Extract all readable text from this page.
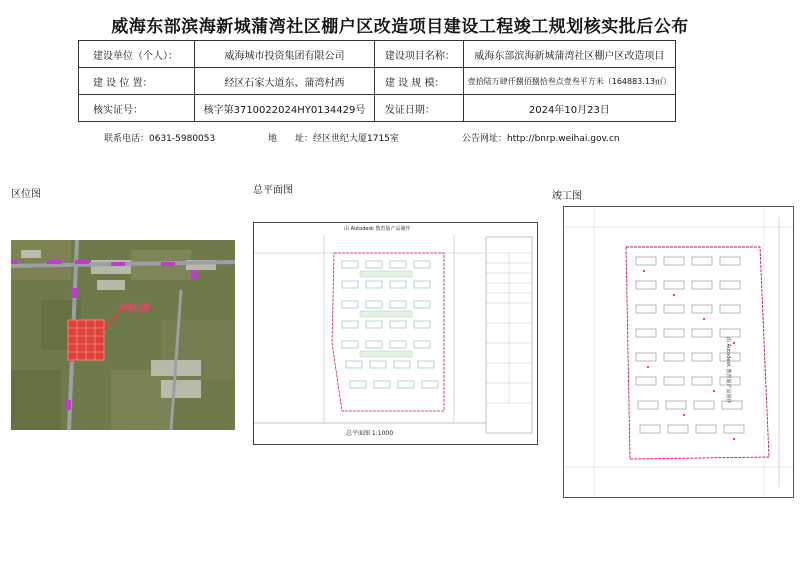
威海东部滨海新城蒲湾社区棚户区改造项目建设工程竣工规划核实批后公布
建设单位（个人）：	威海城市投资集团有限公司	建设项目名称：	威海东部滨海新城蒲湾社区棚户区改造项目
建 设 位 置：	经区石家大道东、蒲湾村西	建 设 规 模：	壹拾陆万肆仟捌佰捌拾叁点壹叁平方米（164883.13㎡）
核实证号：	核字第3710022024HY0134429号	发证日期：	2024年10月23日
联系电话：0631-5980053	地　　址：经区世纪大厦1715室	公告网址：http://bnrp.weihai.gov.cn
区位图	总平面图
竣工图
本案位置
由 Autodesk 教育版产品制作
总平面图 1:1000
由 Autodesk 教育版产品制作
